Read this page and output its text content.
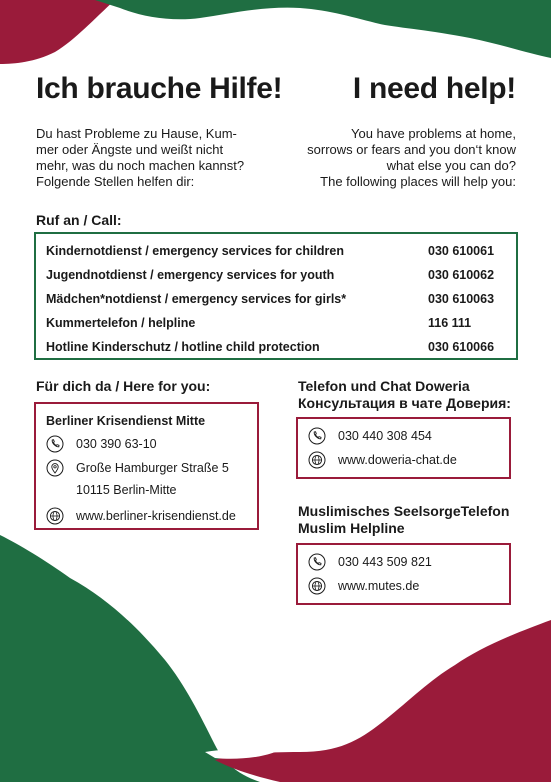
Ich brauche Hilfe! I need help!
Du hast Probleme zu Hause, Kum-
mer oder Ängste und weißt nicht
mehr, was du noch machen kannst?
Folgende Stellen helfen dir:
You have problems at home,
sorrows or fears and you don‘t know
what else you can do?
The following places will help you:
Ruf an / Call:
Kindernotdienst / emergency services for children	030 610061
Jugendnotdienst / emergency services for youth	030 610062
Mädchen*notdienst / emergency services for girls*	030 610063
Kummertelefon / helpline	116 111
Hotline Kinderschutz / hotline child protection	030 610066
Für dich da / Here for you:
Berliner Krisendienst Mitte
030 390 63-10
Große Hamburger Straße 5
10115 Berlin-Mitte
www.berliner-krisendienst.de
Telefon und Chat Doweria
Консультация в чате Доверия:
030 440 308 454
www.doweria-chat.de
Muslimisches SeelsorgeTelefon
Muslim Helpline
030 443 509 821
www.mutes.de
